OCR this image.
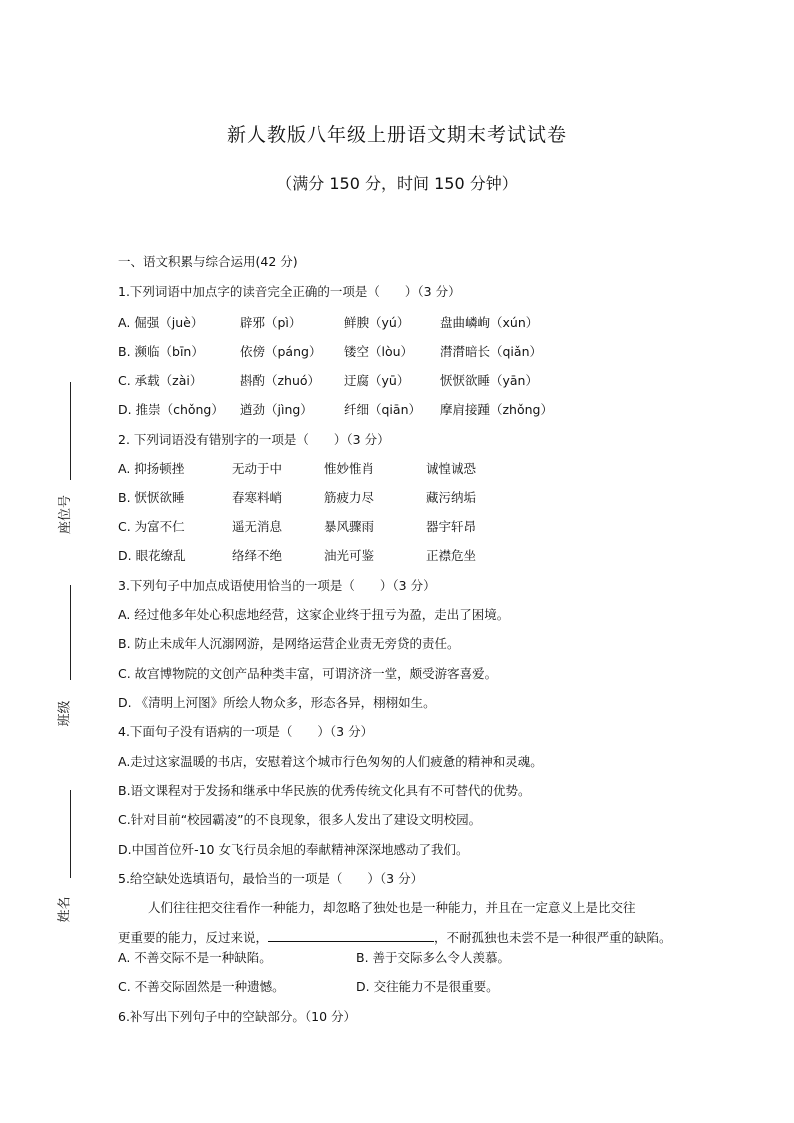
新人教版八年级上册语文期末考试试卷
（满分 150 分，时间 150 分钟）
座位号
班级
姓名
一、语文积累与综合运用(42 分)
1.下列词语中加点字的读音完全正确的一项是（　　）（3 分）
A. 倔强（juè）	辟邪（pì）	鲜腴（yú） 盘曲嶙峋（xún）
B. 濒临（bīn）	依傍（páng） 镂空（lòu） 潸潸暗长（qiǎn）
C. 承载（zài）	斟酌（zhuó） 迂腐（yū） 恹恹欲睡（yān）
D. 推崇（chǒng） 遒劲（jìng） 纤细（qiān） 摩肩接踵（zhǒng）
2. 下列词语没有错别字的一项是（　　）（3 分）
A. 抑扬顿挫	无动于中	惟妙惟肖	诚惶诚恐
B. 恹恹欲睡	春寒料峭	筋疲力尽	藏污纳垢
C. 为富不仁	遥无消息	暴风骤雨	器宇轩昂
D. 眼花缭乱	络绎不绝	油光可鉴	正襟危坐
3.下列句子中加点成语使用恰当的一项是（　　）（3 分）
A. 经过他多年处心积虑地经营，这家企业终于扭亏为盈，走出了困境。
B. 防止未成年人沉溺网游，是网络运营企业责无旁贷的责任。
C. 故宫博物院的文创产品种类丰富，可谓济济一堂，颇受游客喜爱。
D. 《清明上河图》所绘人物众多，形态各异，栩栩如生。
4.下面句子没有语病的一项是（　　）（3 分）
A.走过这家温暖的书店，安慰着这个城市行色匆匆的人们疲惫的精神和灵魂。
B.语文课程对于发扬和继承中华民族的优秀传统文化具有不可替代的优势。
C.针对目前“校园霸凌”的不良现象，很多人发出了建设文明校园。
D.中国首位歼-10 女飞行员余旭的奉献精神深深地感动了我们。
5.给空缺处选填语句，最恰当的一项是（　　）（3 分）
人们往往把交往看作一种能力，却忽略了独处也是一种能力，并且在一定意义上是比交往
更重要的能力，反过来说，	，不耐孤独也未尝不是一种很严重的缺陷。
A. 不善交际不是一种缺陷。	B. 善于交际多么令人羡慕。
C. 不善交际固然是一种遗憾。	D. 交往能力不是很重要。
6.补写出下列句子中的空缺部分。（10 分）
